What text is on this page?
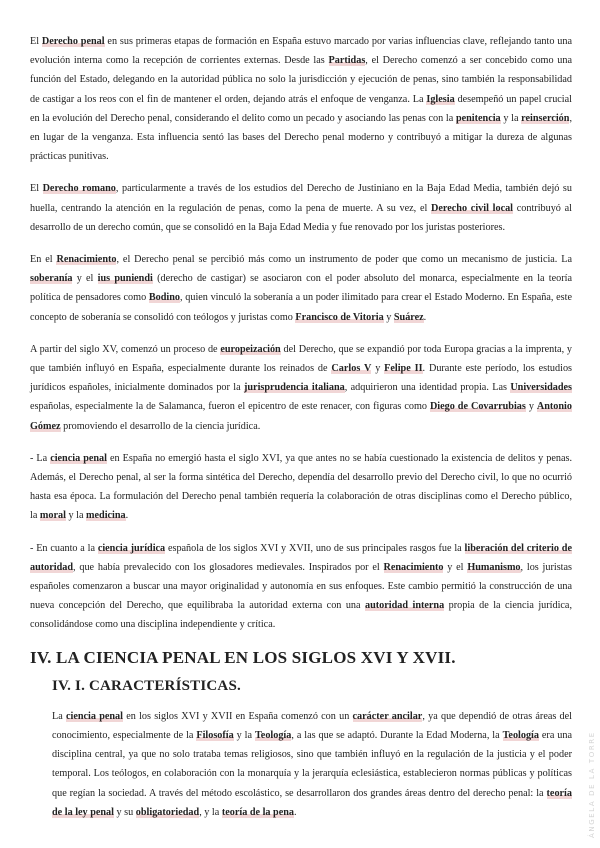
El Derecho penal en sus primeras etapas de formación en España estuvo marcado por varias influencias clave, reflejando tanto una evolución interna como la recepción de corrientes externas. Desde las Partidas, el Derecho comenzó a ser concebido como una función del Estado, delegando en la autoridad pública no solo la jurisdicción y ejecución de penas, sino también la responsabilidad de castigar a los reos con el fin de mantener el orden, dejando atrás el enfoque de venganza. La Iglesia desempeñó un papel crucial en la evolución del Derecho penal, considerando el delito como un pecado y asociando las penas con la penitencia y la reinserción, en lugar de la venganza. Esta influencia sentó las bases del Derecho penal moderno y contribuyó a mitigar la dureza de algunas prácticas punitivas.

El Derecho romano, particularmente a través de los estudios del Derecho de Justiniano en la Baja Edad Media, también dejó su huella, centrando la atención en la regulación de penas, como la pena de muerte. A su vez, el Derecho civil local contribuyó al desarrollo de un derecho común, que se consolidó en la Baja Edad Media y fue renovado por los juristas posteriores.

En el Renacimiento, el Derecho penal se percibió más como un instrumento de poder que como un mecanismo de justicia. La soberanía y el ius puniendi (derecho de castigar) se asociaron con el poder absoluto del monarca, especialmente en la teoría política de pensadores como Bodino, quien vinculó la soberanía a un poder ilimitado para crear el Estado Moderno. En España, este concepto de soberanía se consolidó con teólogos y juristas como Francisco de Vitoria y Suárez.

A partir del siglo XV, comenzó un proceso de europeización del Derecho, que se expandió por toda Europa gracias a la imprenta, y que también influyó en España, especialmente durante los reinados de Carlos V y Felipe II. Durante este período, los estudios jurídicos españoles, inicialmente dominados por la jurisprudencia italiana, adquirieron una identidad propia. Las Universidades españolas, especialmente la de Salamanca, fueron el epicentro de este renacer, con figuras como Diego de Covarrubias y Antonio Gómez promoviendo el desarrollo de la ciencia jurídica.

- La ciencia penal en España no emergió hasta el siglo XVI, ya que antes no se había cuestionado la existencia de delitos y penas. Además, el Derecho penal, al ser la forma sintética del Derecho, dependía del desarrollo previo del Derecho civil, lo que no ocurrió hasta esa época. La formulación del Derecho penal también requería la colaboración de otras disciplinas como el Derecho público, la moral y la medicina.

- En cuanto a la ciencia jurídica española de los siglos XVI y XVII, uno de sus principales rasgos fue la liberación del criterio de autoridad, que había prevalecido con los glosadores medievales. Inspirados por el Renacimiento y el Humanismo, los juristas españoles comenzaron a buscar una mayor originalidad y autonomía en sus enfoques. Este cambio permitió la construcción de una nueva concepción del Derecho, que equilibraba la autoridad externa con una autoridad interna propia de la ciencia jurídica, consolidándose como una disciplina independiente y crítica.

IV. LA CIENCIA PENAL EN LOS SIGLOS XVI Y XVII.
IV. I. CARACTERÍSTICAS.

La ciencia penal en los siglos XVI y XVII en España comenzó con un carácter ancilar, ya que dependió de otras áreas del conocimiento, especialmente de la Filosofía y la Teología, a las que se adaptó. Durante la Edad Moderna, la Teología era una disciplina central, ya que no solo trataba temas religiosos, sino que también influyó en la regulación de la justicia y el poder temporal. Los teólogos, en colaboración con la monarquía y la jerarquía eclesiástica, establecieron normas públicas y políticas que regían la sociedad. A través del método escolástico, se desarrollaron dos grandes áreas dentro del derecho penal: la teoría de la ley penal y su obligatoriedad, y la teoría de la pena.	ÁNGELA DE LA TORRE
